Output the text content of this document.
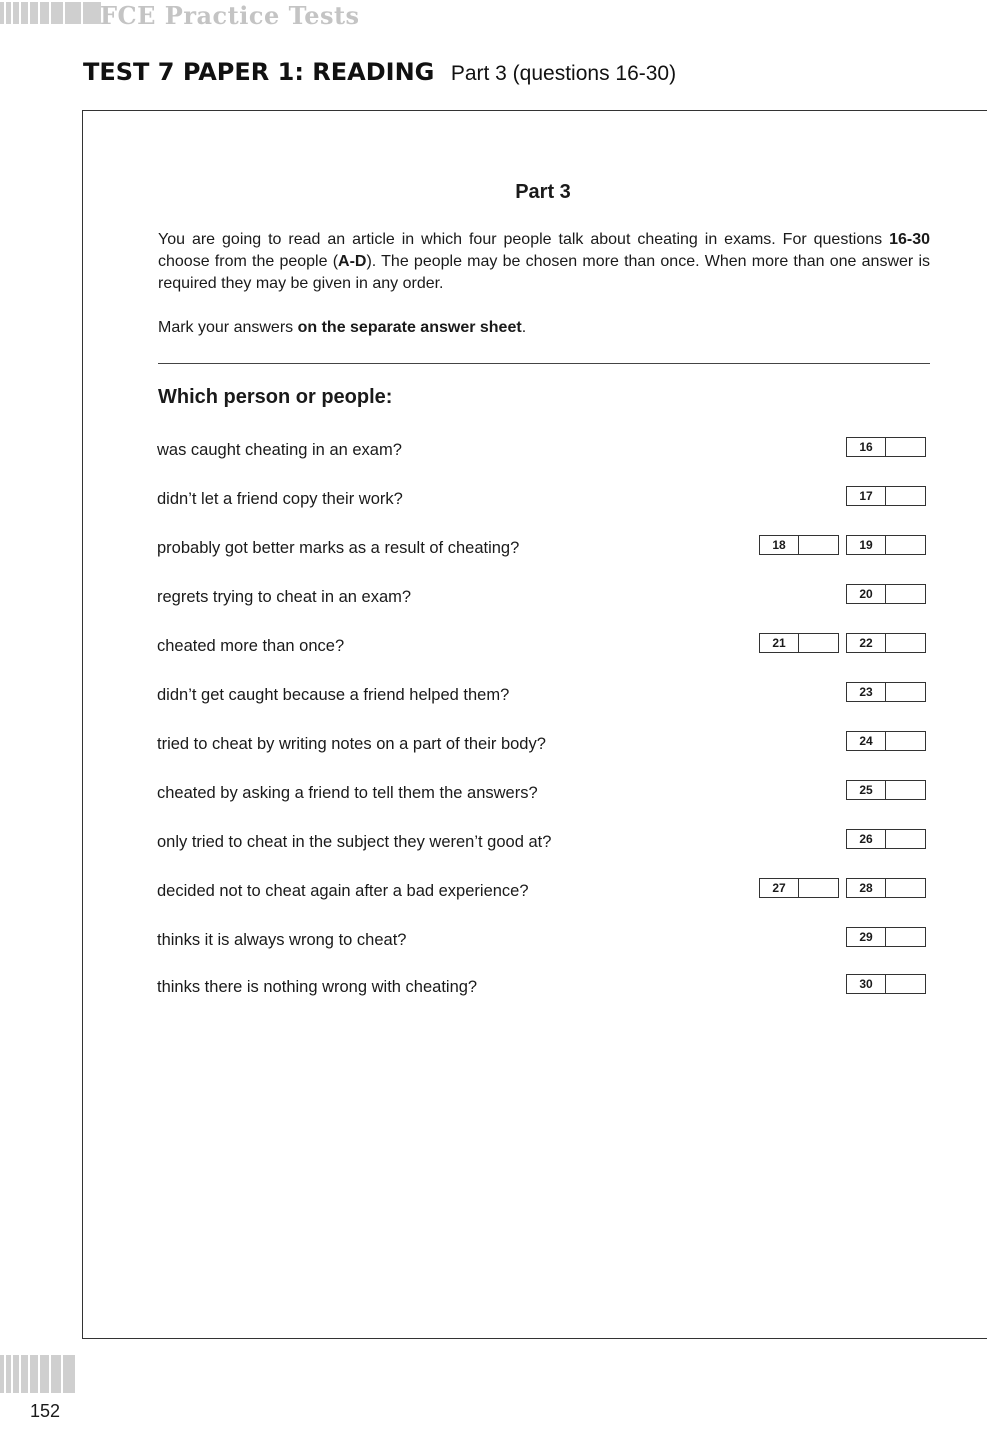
FCE Practice Tests
TEST 7 PAPER 1: READING Part 3 (questions 16-30)
Part 3
You are going to read an article in which four people talk about cheating in exams. For questions 16-30 choose from the people (A-D). The people may be chosen more than once. When more than one answer is required they may be given in any order.
Mark your answers on the separate answer sheet.
Which person or people:
was caught cheating in an exam?	16
didn’t let a friend copy their work?	17
probably got better marks as a result of cheating?	18	19
regrets trying to cheat in an exam?	20
cheated more than once?	21	22
didn’t get caught because a friend helped them?	23
tried to cheat by writing notes on a part of their body?	24
cheated by asking a friend to tell them the answers?	25
only tried to cheat in the subject they weren’t good at?	26
decided not to cheat again after a bad experience?	27	28
thinks it is always wrong to cheat?	29
thinks there is nothing wrong with cheating?	30
152
